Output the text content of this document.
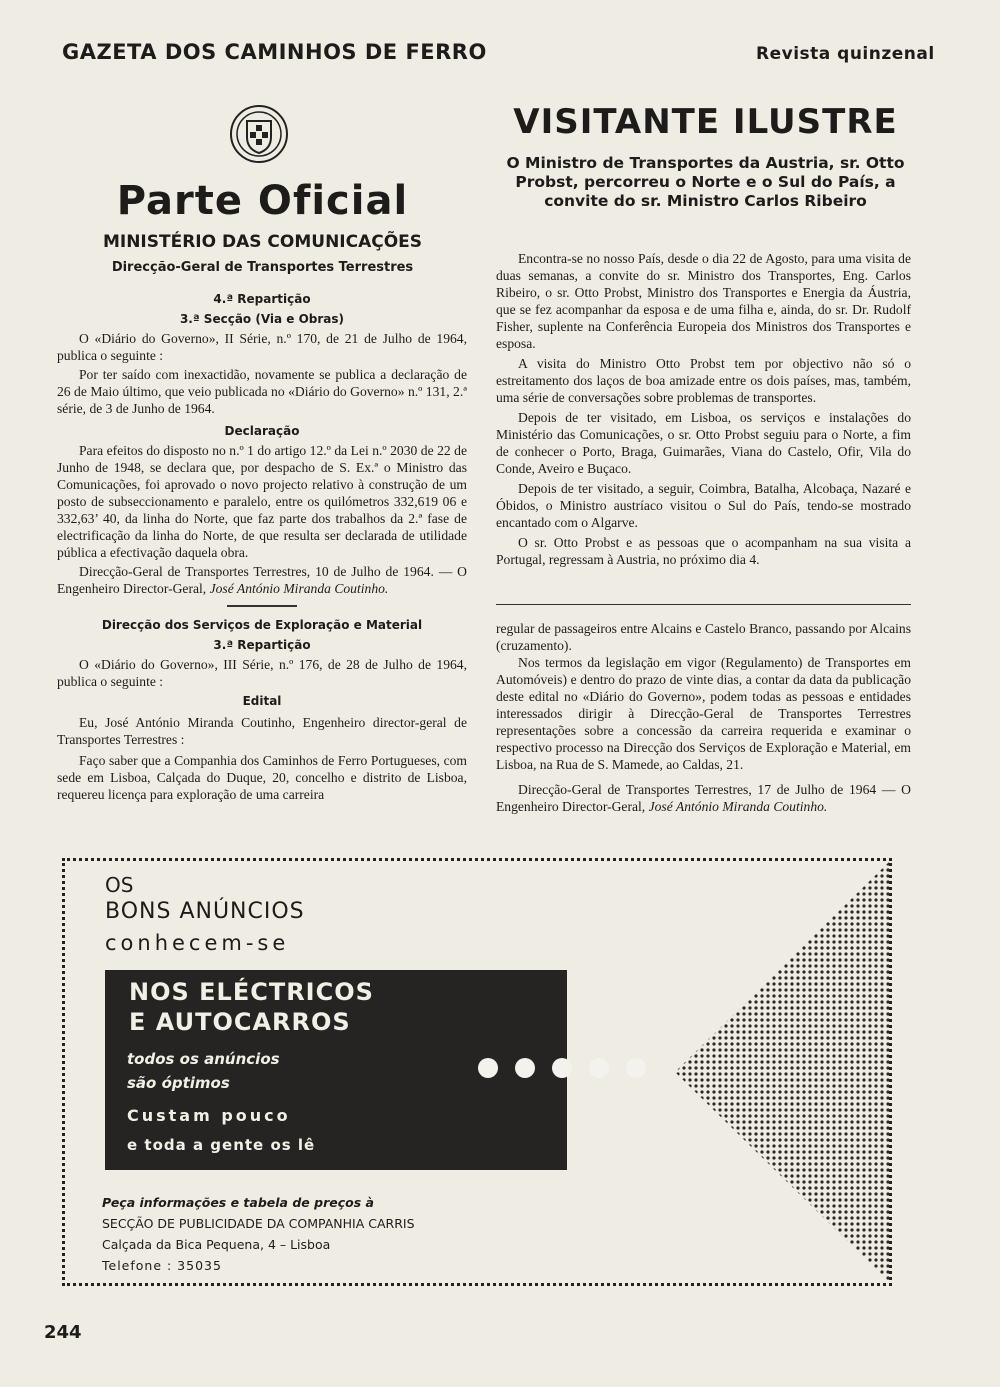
GAZETA DOS CAMINHOS DE FERRO	Revista quinzenal
Parte Oficial
MINISTÉRIO DAS COMUNICAÇÕES
Direcção-Geral de Transportes Terrestres
4.ª Repartição
3.ª Secção (Via e Obras)

O «Diário do Governo», II Série, n.º 170, de 21 de Julho de 1964, publica o seguinte :

Por ter saído com inexactidão, novamente se publica a declaração de 26 de Maio último, que veio publicada no «Diário do Governo» n.º 131, 2.ª série, de 3 de Junho de 1964.

Declaração

Para efeitos do disposto no n.º 1 do artigo 12.º da Lei n.º 2030 de 22 de Junho de 1948, se declara que, por despacho de S. Ex.ª o Ministro das Comunicações, foi aprovado o novo projecto relativo à construção de um posto de subseccionamento e paralelo, entre os quilómetros 332,619 06 e 332,63’ 40, da linha do Norte, que faz parte dos trabalhos da 2.ª fase de electrificação da linha do Norte, de que resulta ser declarada de utilidade pública a efectivação daquela obra.

Direcção-Geral de Transportes Terrestres, 10 de Julho de 1964. — O Engenheiro Director-Geral, José António Miranda Coutinho.

Direcção dos Serviços de Exploração e Material
3.ª Repartição

O «Diário do Governo», III Série, n.º 176, de 28 de Julho de 1964, publica o seguinte :

Edital

Eu, José António Miranda Coutinho, Engenheiro director-geral de Transportes Terrestres :

Faço saber que a Companhia dos Caminhos de Ferro Portugueses, com sede em Lisboa, Calçada do Duque, 20, concelho e distrito de Lisboa, requereu licença para exploração de uma carreira

VISITANTE ILUSTRE
O Ministro de Transportes da Austria, sr. Otto Probst, percorreu o Norte e o Sul do País, a convite do sr. Ministro Carlos Ribeiro

Encontra-se no nosso País, desde o dia 22 de Agosto, para uma visita de duas semanas, a convite do sr. Ministro dos Transportes, Eng. Carlos Ribeiro, o sr. Otto Probst, Ministro dos Transportes e Energia da Áustria, que se fez acompanhar da esposa e de uma filha e, ainda, do sr. Dr. Rudolf Fisher, suplente na Conferência Europeia dos Ministros dos Transportes e esposa.

A visita do Ministro Otto Probst tem por objectivo não só o estreitamento dos laços de boa amizade entre os dois países, mas, também, uma série de conversações sobre problemas de transportes.

Depois de ter visitado, em Lisboa, os serviços e instalações do Ministério das Comunicações, o sr. Otto Probst seguiu para o Norte, a fim de conhecer o Porto, Braga, Guimarães, Viana do Castelo, Ofir, Vila do Conde, Aveiro e Buçaco.

Depois de ter visitado, a seguir, Coimbra, Batalha, Alcobaça, Nazaré e Óbidos, o Ministro austríaco visitou o Sul do País, tendo-se mostrado encantado com o Algarve.

O sr. Otto Probst e as pessoas que o acompanham na sua visita a Portugal, regressam à Austria, no próximo dia 4.

regular de passageiros entre Alcains e Castelo Branco, passando por Alcains (cruzamento).

Nos termos da legislação em vigor (Regulamento) de Transportes em Automóveis) e dentro do prazo de vinte dias, a contar da data da publicação deste edital no «Diário do Governo», podem todas as pessoas e entidades interessados dirigir à Direcção-Geral de Transportes Terrestres representações sobre a concessão da carreira requerida e examinar o respectivo processo na Direcção dos Serviços de Exploração e Material, em Lisboa, na Rua de S. Mamede, ao Caldas, 21.

Direcção-Geral de Transportes Terrestres, 17 de Julho de 1964 — O Engenheiro Director-Geral, José António Miranda Coutinho.

OS
BONS ANÚNCIOS
conhecem-se
NOS ELÉCTRICOS
E AUTOCARROS
todos os anúncios
são óptimos
Custam pouco
e toda a gente os lê
Peça informações e tabela de preços à
SECÇÃO DE PUBLICIDADE DA COMPANHIA CARRIS
Calçada da Bica Pequena, 4 – Lisboa
Telefone : 35035
244
